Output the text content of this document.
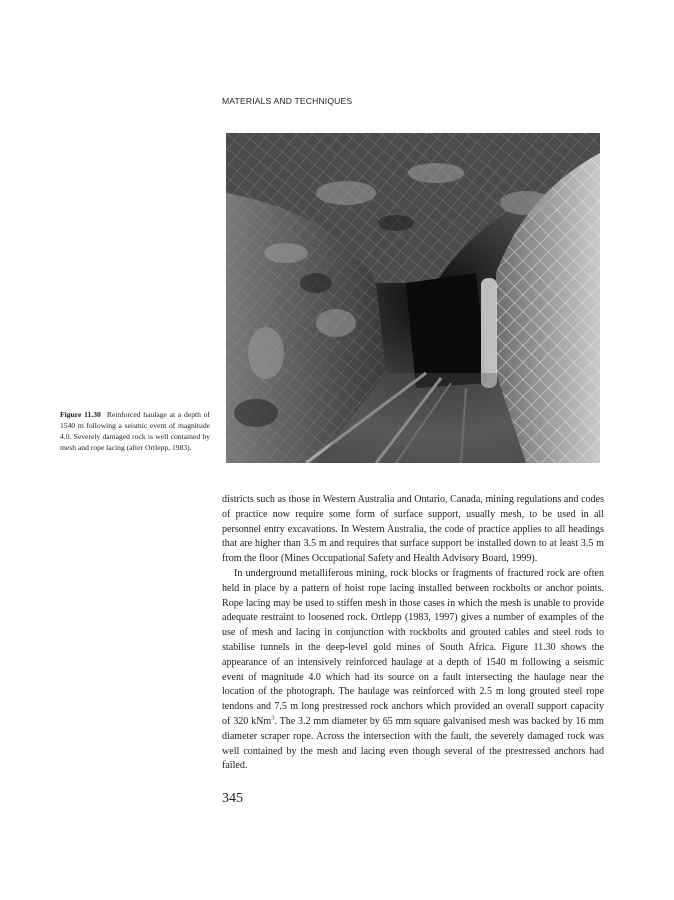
MATERIALS AND TECHNIQUES
Figure 11.30 Reinforced haulage at a depth of 1540 m following a seismic event of magnitude 4.0. Severely damaged rock is well contained by mesh and rope lacing (after Ortlepp, 1983).

districts such as those in Western Australia and Ontario, Canada, mining regulations and codes of practice now require some form of surface support, usually mesh, to be used in all personnel entry excavations. In Western Australia, the code of practice applies to all headings that are higher than 3.5 m and requires that surface support be installed down to at least 3.5 m from the floor (Mines Occupational Safety and Health Advisory Board, 1999).

In underground metalliferous mining, rock blocks or fragments of fractured rock are often held in place by a pattern of hoist rope lacing installed between rockbolts or anchor points. Rope lacing may be used to stiffen mesh in those cases in which the mesh is unable to provide adequate restraint to loosened rock. Ortlepp (1983, 1997) gives a number of examples of the use of mesh and lacing in conjunction with rockbolts and grouted cables and steel rods to stabilise tunnels in the deep-level gold mines of South Africa. Figure 11.30 shows the appearance of an intensively reinforced haulage at a depth of 1540 m following a seismic event of magnitude 4.0 which had its source on a fault intersecting the haulage near the location of the photograph. The haulage was reinforced with 2.5 m long grouted steel rope tendons and 7.5 m long prestressed rock anchors which provided an overall support capacity of 320 kNm$^3$. The 3.2 mm diameter by 65 mm square galvanised mesh was backed by 16 mm diameter scraper rope. Across the intersection with the fault, the severely damaged rock was well contained by the mesh and lacing even though several of the prestressed anchors had failed.

345
